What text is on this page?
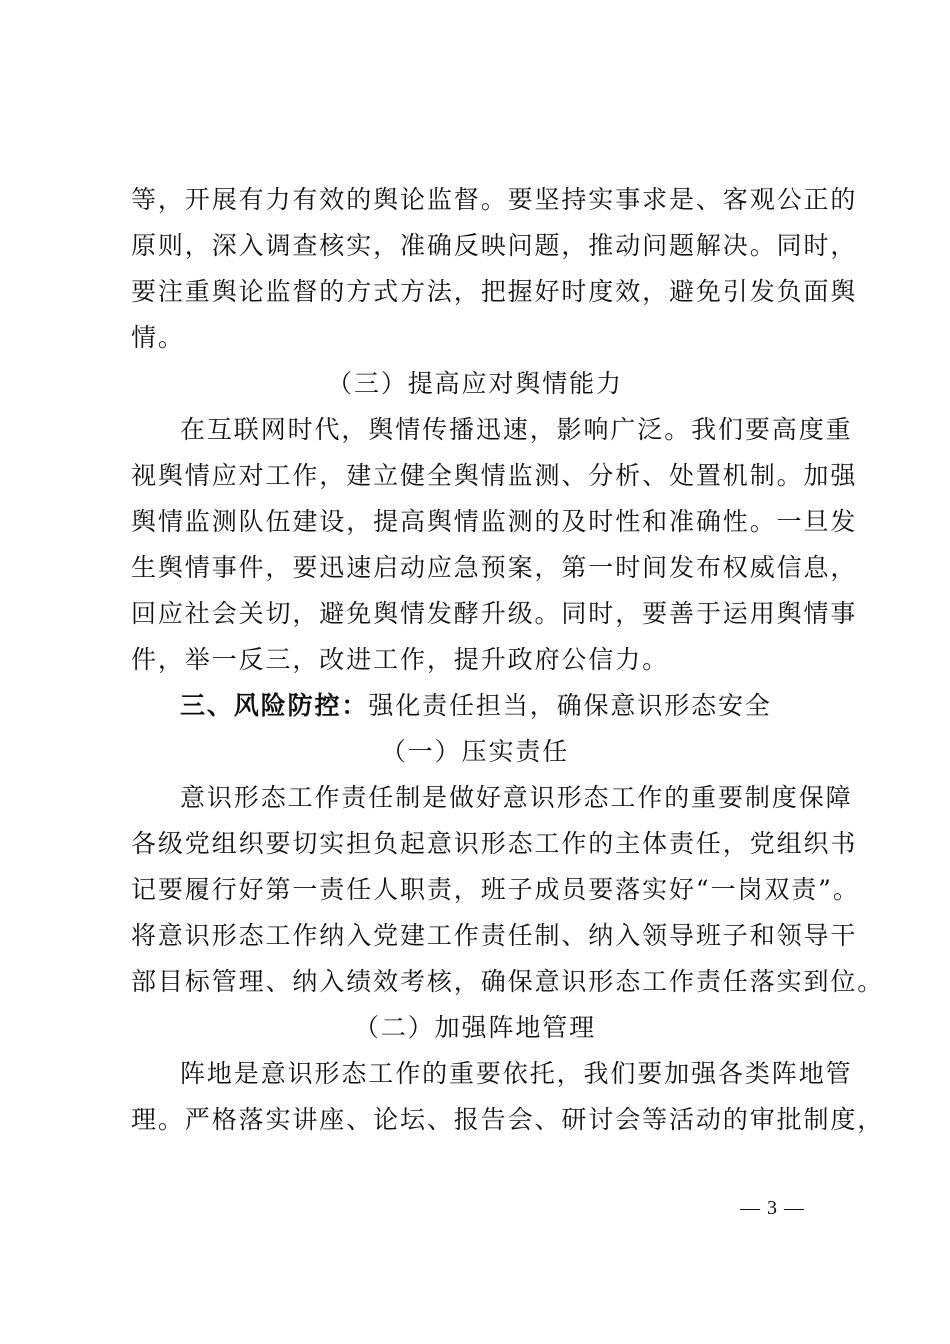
等，开展有力有效的舆论监督。要坚持实事求是、客观公正的
原则，深入调查核实，准确反映问题，推动问题解决。同时，
要注重舆论监督的方式方法，把握好时度效，避免引发负面舆
情。
（三）提高应对舆情能力
在互联网时代，舆情传播迅速，影响广泛。我们要高度重
视舆情应对工作，建立健全舆情监测、分析、处置机制。加强
舆情监测队伍建设，提高舆情监测的及时性和准确性。一旦发
生舆情事件，要迅速启动应急预案，第一时间发布权威信息，
回应社会关切，避免舆情发酵升级。同时，要善于运用舆情事
件，举一反三，改进工作，提升政府公信力。
三、风险防控：强化责任担当，确保意识形态安全
（一）压实责任
意识形态工作责任制是做好意识形态工作的重要制度保障
各级党组织要切实担负起意识形态工作的主体责任，党组织书
记要履行好第一责任人职责，班子成员要落实好“一岗双责”。
将意识形态工作纳入党建工作责任制、纳入领导班子和领导干
部目标管理、纳入绩效考核，确保意识形态工作责任落实到位。
（二）加强阵地管理
阵地是意识形态工作的重要依托，我们要加强各类阵地管
理。严格落实讲座、论坛、报告会、研讨会等活动的审批制度，
— 3 —
